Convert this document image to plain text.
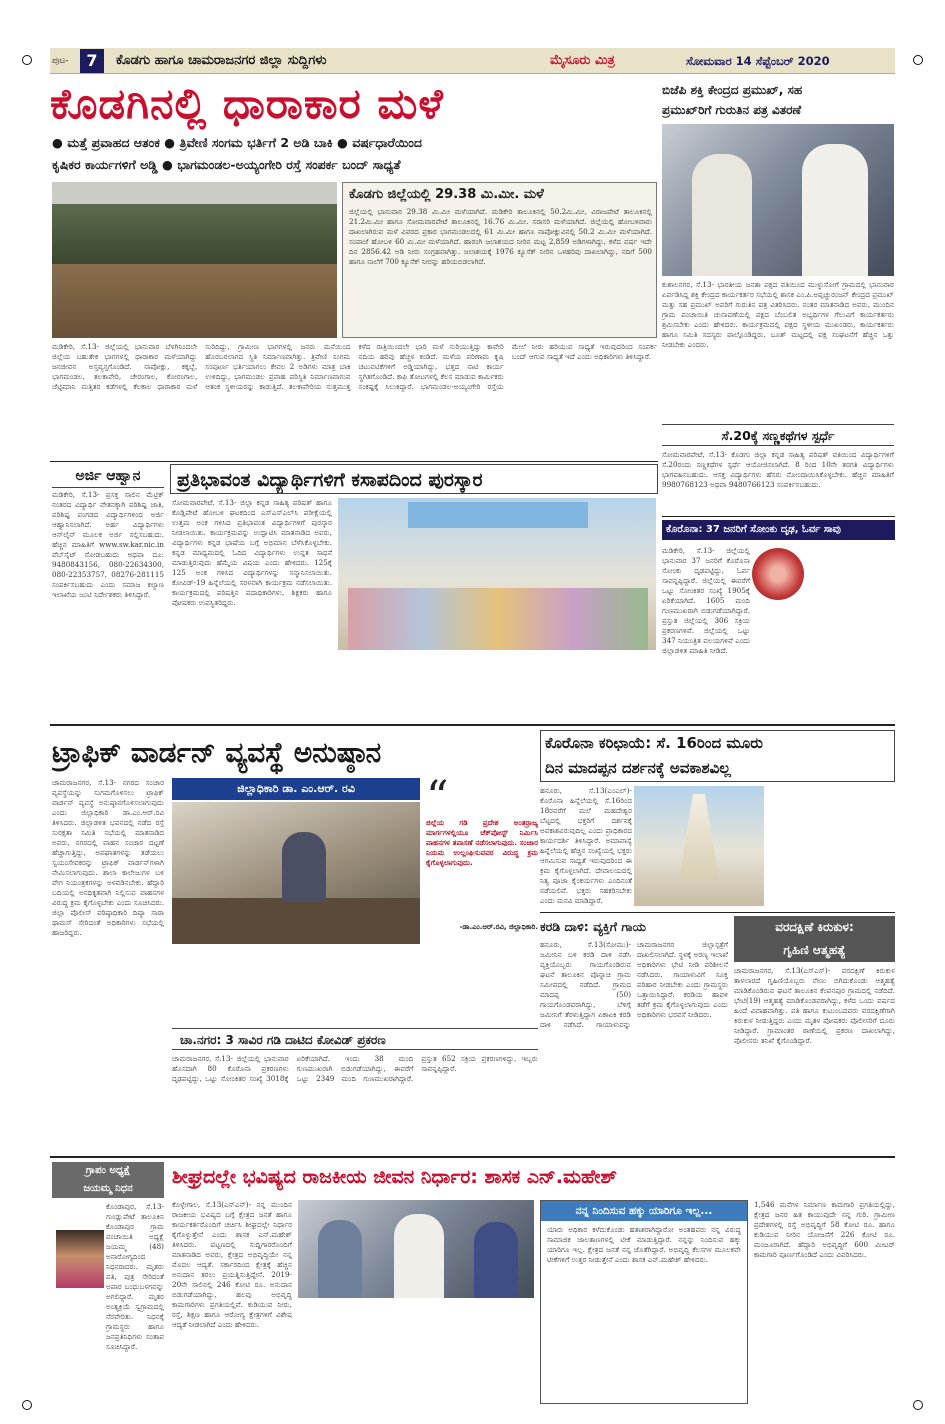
ಪುಟ-	7	ಕೊಡಗು ಹಾಗೂ ಚಾಮರಾಜನಗರ ಜಿಲ್ಲಾ ಸುದ್ದಿಗಳು	ಮೈಸೂರು ಮಿತ್ರ	ಸೋಮವಾರ 14 ಸೆಪ್ಟೆಂಬರ್ 2020
ಕೊಡಗಿನಲ್ಲಿ ಧಾರಾಕಾರ ಮಳೆ
● ಮತ್ತೆ ಪ್ರವಾಹದ ಆತಂಕ ● ತ್ರಿವೇಣಿ ಸಂಗಮ ಭರ್ತಿಗೆ 2 ಅಡಿ ಬಾಕಿ ● ವರ್ಷಧಾರೆಯಿಂದ
ಕೃಷಿಕರ ಕಾರ್ಯಗಳಿಗೆ ಅಡ್ಡಿ ● ಭಾಗಮಂಡಲ-ಅಯ್ಯಂಗೇರಿ ರಸ್ತೆ ಸಂಪರ್ಕ ಬಂದ್ ಸಾಧ್ಯತೆ
ಕೊಡಗು ಜಿಲ್ಲೆಯಲ್ಲಿ 29.38 ಮಿ.ಮೀ. ಮಳೆ
ಜಿಲ್ಲೆಯಲ್ಲಿ ಭಾನುವಾರ 29.38 ಮಿ.ಮೀ ಮಳೆಯಾಗಿದೆ. ಮಡಿಕೇರಿ ತಾಲೂಕಿನಲ್ಲಿ 50.2ಮಿ.ಮೀ, ವಿರಾಜಪೇಟೆ ತಾಲೂಕಿನಲ್ಲಿ 21.2ಮಿ.ಮೀ ಹಾಗೂ ಸೋಮವಾರಪೇಟೆ ತಾಲೂಕಿನಲ್ಲಿ 16.76 ಮಿ.ಮೀ. ಸರಾಸರಿ ಮಳೆಯಾಗಿದೆ. ಜಿಲ್ಲೆಯಲ್ಲಿ ಹೋಬಳಿವಾರು ದಾಖಲಾಗಿರುವ ಮಳೆ ವಿವರದ ಪ್ರಕಾರ ಭಾಗಮಂಡಲದಲ್ಲಿ 61 ಮಿ.ಮೀ ಹಾಗೂ ನಾಪೋಕ್ಲುವಿನಲ್ಲಿ 50.2 ಮಿ.ಮೀ ಮಳೆಯಾಗಿದೆ. ಸಂಪಾಜೆ ಹೋಬಳಿ 60 ಮಿ.ಮೀ ಮಳೆಯಾಗಿದೆ. ಹಾರಂಗಿ ಜಲಾಶಯದ ನೀರಿನ ಮಟ್ಟ 2,859 ಅಡಿಗಳಾಗಿದ್ದು, ಕಳೆದ ವರ್ಷ ಇದೇ ದಿನ 2856.42 ಅಡಿ ನೀರು ಸಂಗ್ರಹವಾಗಿತ್ತು. ಜಲಾಶಯಕ್ಕೆ 1976 ಕ್ಯೂಸೆಕ್ ನೀರಿನ ಒಳಹರಿವು ದಾಖಲಾಗಿದ್ದು, ನದಿಗೆ 500 ಹಾಗೂ ನಾಲೆಗೆ 700 ಕ್ಯೂಸೆಕ್ ನೀರನ್ನು ಹರಿಯಬಿಡಲಾಗಿದೆ.
ಮಡಿಕೇರಿ, ಸೆ.13- ಜಿಲ್ಲೆಯಲ್ಲಿ ಭಾನುವಾರ ಬೆಳಗಿನಿಂದಲೇ ಜಿಲ್ಲೆಯ ಬಹುತೇಕ ಭಾಗಗಳಲ್ಲಿ ಧಾರಾಕಾರ ಮಳೆಯಾಗಿದ್ದು ಜನಜೀವನ ಅಸ್ತವ್ಯಸ್ತಗೊಂಡಿದೆ. ನಾಪೋಕ್ಲು, ಕಕ್ಕಬ್ಬೆ, ಭಾಗಮಂಡಲ, ತಲಕಾವೇರಿ, ಚೇರಂಗಾಲ, ಕೋರಂಗಾಲ, ಚೆಟ್ಟಿಮಾನಿ ಮತ್ತಿತರ ಕಡೆಗಳಲ್ಲಿ ಕೆಲಕಾಲ ಧಾರಾಕಾರ ಮಳೆ ಸುರಿದಿದ್ದು, ಗ್ರಾಮೀಣ ಭಾಗಗಳಲ್ಲಿ ಜನರು ಮನೆಯಿಂದ ಹೊರಬರಲಾಗದ ಸ್ಥಿತಿ ನಿರ್ಮಾಣವಾಗಿತ್ತು. ತ್ರಿವೇಣಿ ಸಂಗಮ ಸಂಪೂರ್ಣ ಭರ್ತಿಯಾಗಲು ಕೇವಲ 2 ಅಡಿಗಳು ಮಾತ್ರ ಬಾಕಿ ಉಳಿದಿದ್ದು, ಭಾಗಮಂಡಲ ಪ್ರವಾಹ ಪರಿಸ್ಥಿತಿ ನಿರ್ಮಾಣವಾಗುವ ಆತಂಕ ಸ್ಥಳೀಯರನ್ನು ಕಾಡುತ್ತಿದೆ. ತಲಕಾವೇರಿಯ ಸುತ್ತಮುತ್ತ ಕಳೆದ ರಾತ್ರಿಯಿಂದಲೇ ಭಾರಿ ಮಳೆ ಸುರಿಯುತ್ತಿದ್ದು ಕಾವೇರಿ ನದಿಯ ಹರಿವು ಹೆಚ್ಚಳ ಕಂಡಿದೆ. ಮಳೆಯ ಪರಿಣಾಮ ಕೃಷಿ ಚಟುವಟಿಕೆಗಳಿಗೆ ಅಡ್ಡಿಯಾಗಿದ್ದು, ಭತ್ತದ ನಾಟಿ ಕಾರ್ಯ ಸ್ಥಗಿತಗೊಂಡಿದೆ. ಕಾಫಿ ತೋಟಗಳಲ್ಲಿ ಕೆಲಸ ಮಾಡುವ ಕಾರ್ಮಿಕರು ಸಂಕಷ್ಟಕ್ಕೆ ಸಿಲುಕಿದ್ದಾರೆ. ಭಾಗಮಂಡಲ-ಅಯ್ಯಂಗೇರಿ ರಸ್ತೆಯ ಮೇಲೆ ನೀರು ಹರಿಯುವ ಸಾಧ್ಯತೆ ಇರುವುದರಿಂದ ಸಂಪರ್ಕ ಬಂದ್ ಆಗುವ ಸಾಧ್ಯತೆ ಇದೆ ಎಂದು ಅಧಿಕಾರಿಗಳು ತಿಳಿಸಿದ್ದಾರೆ.
ಬಿಜೆಪಿ ಶಕ್ತಿ ಕೇಂದ್ರದ ಪ್ರಮುಖ್, ಸಹ
ಪ್ರಮುಖ್‌ರಿಗೆ ಗುರುತಿನ ಪತ್ರ ವಿತರಣೆ
ಕುಶಾಲನಗರ, ಸೆ.13- ಭಾರತೀಯ ಜನತಾ ಪಕ್ಷದ ವತಿಯಿಂದ ಮುಳ್ಳುಸೋಗೆ ಗ್ರಾಮದಲ್ಲಿ ಭಾನುವಾರ ಏರ್ಪಡಿಸಿದ್ದ ಶಕ್ತಿ ಕೇಂದ್ರದ ಕಾರ್ಯಕರ್ತರ ಸಭೆಯಲ್ಲಿ ಶಾಸಕ ಎಂ.ಪಿ.ಅಪ್ಪಚ್ಚುರಂಜನ್ ಕೇಂದ್ರದ ಪ್ರಮುಖ್ ಮತ್ತು ಸಹ ಪ್ರಮುಖ್ ಅವರಿಗೆ ಗುರುತಿನ ಪತ್ರ ವಿತರಿಸಿದರು. ನಂತರ ಮಾತನಾಡಿದ ಅವರು, ಮುಂದಿನ ಗ್ರಾಮ ಪಂಚಾಯಿತಿ ಚುನಾವಣೆಯಲ್ಲಿ ಪಕ್ಷದ ಬೆಂಬಲಿತ ಅಭ್ಯರ್ಥಿಗಳ ಗೆಲುವಿಗೆ ಕಾರ್ಯಕರ್ತರು ಶ್ರಮಿಸಬೇಕು ಎಂದು ಹೇಳಿದರು. ಕಾರ್ಯಕ್ರಮದಲ್ಲಿ ಪಕ್ಷದ ಸ್ಥಳೀಯ ಮುಖಂಡರು, ಕಾರ್ಯಕರ್ತರು ಹಾಗೂ ಸಮಿತಿ ಸದಸ್ಯರು ಪಾಲ್ಗೊಂಡಿದ್ದರು. ಬೂತ್ ಮಟ್ಟದಲ್ಲಿ ಪಕ್ಷ ಸಂಘಟನೆಗೆ ಹೆಚ್ಚಿನ ಒತ್ತು ನೀಡಬೇಕು ಎಂದರು.
ಸೆ.20ಕ್ಕೆ ಸಣ್ಣಕಥೆಗಳ ಸ್ಪರ್ಧೆ
ಸೋಮವಾರಪೇಟೆ, ಸೆ.13- ಕೊಡಗು ಜಿಲ್ಲಾ ಕನ್ನಡ ಸಾಹಿತ್ಯ ಪರಿಷತ್ ವತಿಯಿಂದ ವಿದ್ಯಾರ್ಥಿಗಳಿಗೆ ಸೆ.20ರಂದು ಸಣ್ಣಕಥೆಗಳ ಸ್ಪರ್ಧೆ ಆಯೋಜಿಸಲಾಗಿದೆ. 8 ರಿಂದ 10ನೇ ತರಗತಿ ವಿದ್ಯಾರ್ಥಿಗಳು ಭಾಗವಹಿಸಬಹುದು. ಆಸಕ್ತ ವಿದ್ಯಾರ್ಥಿಗಳು ಹೆಸರು ನೋಂದಾಯಿಸಿಕೊಳ್ಳಬೇಕು. ಹೆಚ್ಚಿನ ಮಾಹಿತಿಗೆ 9980768123 ಅಥವಾ 9480766123 ಸಂಪರ್ಕಿಸಬಹುದು.
ಅರ್ಜಿ ಆಹ್ವಾನ
ಮಡಿಕೇರಿ, ಸೆ.13- ಪ್ರಸಕ್ತ ಸಾಲಿನ ಮೆಟ್ರಿಕ್ ನಂತರದ ವಿದ್ಯಾರ್ಥಿ ವೇತನಕ್ಕಾಗಿ ಪರಿಶಿಷ್ಟ ಜಾತಿ, ಪರಿಶಿಷ್ಟ ಪಂಗಡದ ವಿದ್ಯಾರ್ಥಿಗಳಿಂದ ಅರ್ಜಿ ಆಹ್ವಾನಿಸಲಾಗಿದೆ. ಅರ್ಹ ವಿದ್ಯಾರ್ಥಿಗಳು ಆನ್‌ಲೈನ್ ಮೂಲಕ ಅರ್ಜಿ ಸಲ್ಲಿಸಬಹುದು. ಹೆಚ್ಚಿನ ಮಾಹಿತಿಗೆ www.sw.kar.nic.in ವೆಬ್‌ಸೈಟ್ ನೋಡಬಹುದು ಅಥವಾ ದೂ: 9480843156, 080-22634300, 080-22353757, 08276-281115 ಸಂಪರ್ಕಿಸಬಹುದು ಎಂದು ಸಮಾಜ ಕಲ್ಯಾಣ ಇಲಾಖೆಯ ಜಂಟಿ ನಿರ್ದೇಶಕರು ತಿಳಿಸಿದ್ದಾರೆ.
ಪ್ರತಿಭಾವಂತ ವಿದ್ಯಾರ್ಥಿಗಳಿಗೆ ಕಸಾಪದಿಂದ ಪುರಸ್ಕಾರ
ಸೋಮವಾರಪೇಟೆ, ಸೆ.13- ಜಿಲ್ಲಾ ಕನ್ನಡ ಸಾಹಿತ್ಯ ಪರಿಷತ್ ಹಾಗೂ ಕೊಡ್ಲಿಪೇಟೆ ಹೋಬಳಿ ಘಟಕದಿಂದ ಎಸ್‌ಎಸ್‌ಎಲ್‌ಸಿ ಪರೀಕ್ಷೆಯಲ್ಲಿ ಉತ್ತಮ ಅಂಕ ಗಳಿಸಿದ ಪ್ರತಿಭಾವಂತ ವಿದ್ಯಾರ್ಥಿಗಳಿಗೆ ಪುರಸ್ಕಾರ ನೀಡಲಾಯಿತು. ಕಾರ್ಯಕ್ರಮವನ್ನು ಉದ್ಘಾಟಿಸಿ ಮಾತನಾಡಿದ ಅವರು, ವಿದ್ಯಾರ್ಥಿಗಳು ಕನ್ನಡ ಭಾಷೆಯ ಬಗ್ಗೆ ಅಭಿಮಾನ ಬೆಳೆಸಿಕೊಳ್ಳಬೇಕು. ಕನ್ನಡ ಮಾಧ್ಯಮದಲ್ಲಿ ಓದಿದ ವಿದ್ಯಾರ್ಥಿಗಳು ಉನ್ನತ ಸಾಧನೆ ಮಾಡುತ್ತಿರುವುದು ಹೆಮ್ಮೆಯ ವಿಷಯ ಎಂದು ಹೇಳಿದರು. 125ಕ್ಕೆ 125 ಅಂಕ ಗಳಿಸಿದ ವಿದ್ಯಾರ್ಥಿಗಳನ್ನು ಸನ್ಮಾನಿಸಲಾಯಿತು. ಕೋವಿಡ್-19 ಹಿನ್ನೆಲೆಯಲ್ಲಿ ಸರಳವಾಗಿ ಕಾರ್ಯಕ್ರಮ ನಡೆಸಲಾಯಿತು. ಕಾರ್ಯಕ್ರಮದಲ್ಲಿ ಪರಿಷತ್ತಿನ ಪದಾಧಿಕಾರಿಗಳು, ಶಿಕ್ಷಕರು ಹಾಗೂ ಪೋಷಕರು ಉಪಸ್ಥಿತರಿದ್ದರು.
ಕೊರೊನಾ: 37 ಜನರಿಗೆ ಸೋಂಕು ದೃಢ, ಓರ್ವ ಸಾವು
ಮಡಿಕೇರಿ, ಸೆ.13- ಜಿಲ್ಲೆಯಲ್ಲಿ ಭಾನುವಾರ 37 ಜನರಿಗೆ ಕೊರೊನಾ ಸೋಂಕು ದೃಢಪಟ್ಟಿದ್ದು, ಓರ್ವ ಸಾವನ್ನಪ್ಪಿದ್ದಾರೆ. ಜಿಲ್ಲೆಯಲ್ಲಿ ಈವರೆಗೆ ಒಟ್ಟು ಸೋಂಕಿತರ ಸಂಖ್ಯೆ 1905ಕ್ಕೆ ಏರಿಕೆಯಾಗಿದೆ. 1605 ಮಂದಿ ಗುಣಮುಖರಾಗಿ ಬಿಡುಗಡೆಯಾಗಿದ್ದಾರೆ. ಪ್ರಸ್ತುತ ಜಿಲ್ಲೆಯಲ್ಲಿ 306 ಸಕ್ರಿಯ ಪ್ರಕರಣಗಳಿವೆ. ಜಿಲ್ಲೆಯಲ್ಲಿ ಒಟ್ಟು 347 ನಿಯಂತ್ರಿತ ವಲಯಗಳಿವೆ ಎಂದು ಜಿಲ್ಲಾಡಳಿತ ಮಾಹಿತಿ ನೀಡಿದೆ.
ಟ್ರಾಫಿಕ್ ವಾರ್ಡನ್ ವ್ಯವಸ್ಥೆ ಅನುಷ್ಠಾನ
ಚಾಮರಾಜನಗರ, ಸೆ.13- ನಗರದ ಸಂಚಾರ ವ್ಯವಸ್ಥೆಯನ್ನು ಸುಗಮಗೊಳಿಸಲು ಟ್ರಾಫಿಕ್ ವಾರ್ಡನ್ ವ್ಯವಸ್ಥೆ ಅನುಷ್ಠಾನಗೊಳಿಸಲಾಗುವುದು ಎಂದು ಜಿಲ್ಲಾಧಿಕಾರಿ ಡಾ.ಎಂ.ಆರ್.ರವಿ ತಿಳಿಸಿದರು. ಜಿಲ್ಲಾಡಳಿತ ಭವನದಲ್ಲಿ ನಡೆದ ರಸ್ತೆ ಸುರಕ್ಷತಾ ಸಮಿತಿ ಸಭೆಯಲ್ಲಿ ಮಾತನಾಡಿದ ಅವರು, ನಗರದಲ್ಲಿ ವಾಹನ ಸಂಚಾರ ದಟ್ಟಣೆ ಹೆಚ್ಚಾಗುತ್ತಿದ್ದು, ಅಪಘಾತಗಳನ್ನು ತಡೆಯಲು ಸ್ವಯಂಸೇವಕರನ್ನು ಟ್ರಾಫಿಕ್ ವಾರ್ಡನ್‌ಗಳಾಗಿ ನೇಮಿಸಲಾಗುವುದು. ಶಾಲಾ ಕಾಲೇಜುಗಳ ಬಳಿ ವೇಗ ನಿಯಂತ್ರಕಗಳನ್ನು ಅಳವಡಿಸಬೇಕು. ಹೆದ್ದಾರಿ ಬದಿಯಲ್ಲಿ ಅನಧಿಕೃತವಾಗಿ ನಿಲ್ಲಿಸುವ ವಾಹನಗಳ ವಿರುದ್ಧ ಕ್ರಮ ಕೈಗೊಳ್ಳಬೇಕು ಎಂದು ಸೂಚಿಸಿದರು. ಜಿಲ್ಲಾ ಪೊಲೀಸ್ ವರಿಷ್ಠಾಧಿಕಾರಿ ದಿವ್ಯಾ ಸಾರಾ ಥಾಮಸ್ ಸೇರಿದಂತೆ ಅಧಿಕಾರಿಗಳು ಸಭೆಯಲ್ಲಿ ಹಾಜರಿದ್ದರು.
ಜಿಲ್ಲಾಧಿಕಾರಿ ಡಾ. ಎಂ.ಆರ್. ರವಿ	“
ಜಿಲ್ಲೆಯ ಗಡಿ ಪ್ರದೇಶ ಅಂತರ್ರಾಜ್ಯ ಮಾರ್ಗಗಳಲ್ಲಿಯೂ ಚೆಕ್‌ಪೋಸ್ಟ್ ನಿರ್ಮಿಸಿ ವಾಹನಗಳ ತಪಾಸಣೆ ನಡೆಸಲಾಗುವುದು. ಸಂಚಾರ ನಿಯಮ ಉಲ್ಲಂಘಿಸುವವರ ವಿರುದ್ಧ ಕ್ರಮ ಕೈಗೊಳ್ಳಲಾಗುವುದು.
-ಡಾ.ಎಂ.ಆರ್.ರವಿ, ಜಿಲ್ಲಾಧಿಕಾರಿ.
ಚಾ.ನಗರ: 3 ಸಾವಿರ ಗಡಿ ದಾಟಿದ ಕೋವಿಡ್ ಪ್ರಕರಣ
ಚಾಮರಾಜನಗರ, ಸೆ.13- ಜಿಲ್ಲೆಯಲ್ಲಿ ಭಾನುವಾರ ಹೊಸದಾಗಿ 80 ಕೊರೊನಾ ಪ್ರಕರಣಗಳು ದೃಢಪಟ್ಟಿದ್ದು, ಒಟ್ಟು ಸೋಂಕಿತರ ಸಂಖ್ಯೆ 3018ಕ್ಕೆ ಏರಿಕೆಯಾಗಿದೆ. ಇಂದು 38 ಮಂದಿ ಗುಣಮುಖರಾಗಿ ಬಿಡುಗಡೆಯಾಗಿದ್ದು, ಈವರೆಗೆ ಒಟ್ಟು 2349 ಮಂದಿ ಗುಣಮುಖರಾಗಿದ್ದಾರೆ. ಪ್ರಸ್ತುತ 652 ಸಕ್ರಿಯ ಪ್ರಕರಣಗಳಿದ್ದು, ಇಬ್ಬರು ಸಾವನ್ನಪ್ಪಿದ್ದಾರೆ.
ಕೊರೊನಾ ಕರಿಛಾಯೆ: ಸೆ. 16ರಿಂದ ಮೂರು
ದಿನ ಮಾದಪ್ಪನ ದರ್ಶನಕ್ಕೆ ಅವಕಾಶವಿಲ್ಲ
ಹನೂರು, ಸೆ.13(ಎಂಎಲ್)- ಕೊರೊನಾ ಹಿನ್ನೆಲೆಯಲ್ಲಿ ಸೆ.16ರಿಂದ 18ರವರೆಗೆ ಮಲೆ ಮಹದೇಶ್ವರ ಬೆಟ್ಟದಲ್ಲಿ ಭಕ್ತರಿಗೆ ದರ್ಶನಕ್ಕೆ ಅವಕಾಶವಿರುವುದಿಲ್ಲ ಎಂದು ಪ್ರಾಧಿಕಾರದ ಕಾರ್ಯದರ್ಶಿ ತಿಳಿಸಿದ್ದಾರೆ. ಅಮಾವಾಸ್ಯೆ ಹಿನ್ನೆಲೆಯಲ್ಲಿ ಹೆಚ್ಚಿನ ಸಂಖ್ಯೆಯಲ್ಲಿ ಭಕ್ತರು ಆಗಮಿಸುವ ಸಾಧ್ಯತೆ ಇರುವುದರಿಂದ ಈ ಕ್ರಮ ಕೈಗೊಳ್ಳಲಾಗಿದೆ. ದೇವಾಲಯದಲ್ಲಿ ನಿತ್ಯ ಪೂಜಾ ಕೈಂಕರ್ಯಗಳು ಎಂದಿನಂತೆ ನಡೆಯಲಿವೆ. ಭಕ್ತರು ಸಹಕರಿಸಬೇಕು ಎಂದು ಮನವಿ ಮಾಡಿದ್ದಾರೆ.
ಕರಡಿ ದಾಳಿ: ವ್ಯಕ್ತಿಗೆ ಗಾಯ
ಹನೂರು, ಸೆ.13(ಸೋಮು)- ಜಮೀನಿನ ಬಳಿ ಕರಡಿ ದಾಳಿ ನಡೆಸಿ ವ್ಯಕ್ತಿಯೊಬ್ಬರು ಗಾಯಗೊಂಡಿರುವ ಘಟನೆ ತಾಲೂಕಿನ ಪೊನ್ನಾಚಿ ಗ್ರಾಮ ಸಮೀಪದಲ್ಲಿ ನಡೆದಿದೆ. ಗ್ರಾಮದ ಮಾದಪ್ಪ (50) ಗಾಯಗೊಂಡವರಾಗಿದ್ದು, ಬೆಳಿಗ್ಗೆ ಜಮೀನಿಗೆ ತೆರಳುತ್ತಿದ್ದಾಗ ಏಕಾಏಕಿ ಕರಡಿ ದಾಳಿ ನಡೆಸಿದೆ. ಗಾಯಾಳುವನ್ನು ಚಾಮರಾಜನಗರ ಜಿಲ್ಲಾಸ್ಪತ್ರೆಗೆ ದಾಖಲಿಸಲಾಗಿದೆ. ಸ್ಥಳಕ್ಕೆ ಅರಣ್ಯ ಇಲಾಖೆ ಅಧಿಕಾರಿಗಳು ಭೇಟಿ ನೀಡಿ ಪರಿಶೀಲನೆ ನಡೆಸಿದರು. ಗಾಯಾಳುವಿಗೆ ಸೂಕ್ತ ಪರಿಹಾರ ನೀಡಬೇಕು ಎಂದು ಗ್ರಾಮಸ್ಥರು ಒತ್ತಾಯಿಸಿದ್ದಾರೆ. ಕರಡಿಯ ಹಾವಳಿ ತಡೆಗೆ ಕ್ರಮ ಕೈಗೊಳ್ಳಲಾಗುವುದು ಎಂದು ಅಧಿಕಾರಿಗಳು ಭರವಸೆ ನೀಡಿದರು.
ವರದಕ್ಷಿಣೆ ಕಿರುಕುಳ:
ಗೃಹಿಣಿ ಆತ್ಮಹತ್ಯೆ
ಚಾಮರಾಜನಗರ, ಸೆ.13(ಎಸ್‌ಎಸ್)- ವರದಕ್ಷಿಣೆ ಕಿರುಕುಳ ತಾಳಲಾರದೆ ಗೃಹಿಣಿಯೊಬ್ಬರು ನೇಣು ಬಿಗಿದುಕೊಂಡು ಆತ್ಮಹತ್ಯೆ ಮಾಡಿಕೊಂಡಿರುವ ಘಟನೆ ತಾಲೂಕಿನ ಕೆಂಪನಪುರ ಗ್ರಾಮದಲ್ಲಿ ನಡೆದಿದೆ. ಭೇಟಿ(19) ಆತ್ಮಹತ್ಯೆ ಮಾಡಿಕೊಂಡವರಾಗಿದ್ದು, ಕಳೆದ ಒಂದು ವರ್ಷದ ಹಿಂದೆ ವಿವಾಹವಾಗಿತ್ತು. ಪತಿ ಹಾಗೂ ಕುಟುಂಬದವರು ವರದಕ್ಷಿಣೆಗಾಗಿ ಕಿರುಕುಳ ನೀಡುತ್ತಿದ್ದರು ಎಂದು ಮೃತಳ ಪೋಷಕರು ಪೊಲೀಸರಿಗೆ ದೂರು ನೀಡಿದ್ದಾರೆ. ಗ್ರಾಮಾಂತರ ಠಾಣೆಯಲ್ಲಿ ಪ್ರಕರಣ ದಾಖಲಾಗಿದ್ದು, ಪೊಲೀಸರು ತನಿಖೆ ಕೈಗೊಂಡಿದ್ದಾರೆ.
ಗ್ರಾಪಂ ಅಧ್ಯಕ್ಷೆ
ಜಯಮ್ಮ ನಿಧನ
ಕೊಂಡಾಪುರ, ಸೆ.13- ಗುಂಡ್ಲುಪೇಟೆ ತಾಲೂಕಿನ ಕೊಂಡಾಪುರ ಗ್ರಾಮ ಪಂಚಾಯಿತಿ ಅಧ್ಯಕ್ಷೆ ಜಯಮ್ಮ (48) ಅನಾರೋಗ್ಯದಿಂದ ನಿಧನರಾದರು. ಮೃತರು ಪತಿ, ಪುತ್ರ ಸೇರಿದಂತೆ ಅಪಾರ ಬಂಧುಬಳಗವನ್ನು ಅಗಲಿದ್ದಾರೆ. ಮೃತರ ಅಂತ್ಯಕ್ರಿಯೆ ಸ್ವಗ್ರಾಮದಲ್ಲಿ ನೆರವೇರಿತು. ನಿಧನಕ್ಕೆ ಗ್ರಾಮಸ್ಥರು ಹಾಗೂ ಜನಪ್ರತಿನಿಧಿಗಳು ಸಂತಾಪ ಸೂಚಿಸಿದ್ದಾರೆ.
ಶೀಘ್ರದಲ್ಲೇ ಭವಿಷ್ಯದ ರಾಜಕೀಯ ಜೀವನ ನಿರ್ಧಾರ: ಶಾಸಕ ಎನ್.ಮಹೇಶ್
ಕೊಳ್ಳೇಗಾಲ, ಸೆ.13(ಎಸ್‌ಎನ್)- ನನ್ನ ಮುಂದಿನ ರಾಜಕೀಯ ಭವಿಷ್ಯದ ಬಗ್ಗೆ ಕ್ಷೇತ್ರದ ಜನತೆ ಹಾಗೂ ಕಾರ್ಯಕರ್ತರೊಂದಿಗೆ ಚರ್ಚಿಸಿ ಶೀಘ್ರದಲ್ಲೇ ನಿರ್ಧಾರ ಕೈಗೊಳ್ಳುತ್ತೇನೆ ಎಂದು ಶಾಸಕ ಎನ್.ಮಹೇಶ್ ತಿಳಿಸಿದರು. ಪಟ್ಟಣದಲ್ಲಿ ಸುದ್ದಿಗಾರರೊಂದಿಗೆ ಮಾತನಾಡಿದ ಅವರು, ಕ್ಷೇತ್ರದ ಅಭಿವೃದ್ಧಿಯೇ ನನ್ನ ಮೊದಲ ಆದ್ಯತೆ. ಸರ್ಕಾರದಿಂದ ಕ್ಷೇತ್ರಕ್ಕೆ ಹೆಚ್ಚಿನ ಅನುದಾನ ತರಲು ಪ್ರಯತ್ನಿಸುತ್ತಿದ್ದೇನೆ. 2019-20ನೇ ಸಾಲಿನಲ್ಲಿ 246 ಕೋಟಿ ರೂ. ಅನುದಾನ ಬಿಡುಗಡೆಯಾಗಿದ್ದು, ಹಲವು ಅಭಿವೃದ್ಧಿ ಕಾಮಗಾರಿಗಳು ಪ್ರಗತಿಯಲ್ಲಿವೆ. ಕುಡಿಯುವ ನೀರು, ರಸ್ತೆ, ಶಿಕ್ಷಣ ಹಾಗೂ ಆರೋಗ್ಯ ಕ್ಷೇತ್ರಗಳಿಗೆ ವಿಶೇಷ ಆದ್ಯತೆ ನೀಡಲಾಗಿದೆ ಎಂದು ಹೇಳಿದರು.
ನನ್ನ ನಿಂದಿಸುವ ಹಕ್ಕು ಯಾರಿಗೂ ಇಲ್ಲ...
ಯಾರು ಅಧಿಕಾರ ಕಳೆದುಕೊಂಡು ಹತಾಶರಾಗಿದ್ದಾರೋ ಅಂತಹವರು ನನ್ನ ವಿರುದ್ಧ ಸಾಮಾಜಿಕ ಜಾಲತಾಣಗಳಲ್ಲಿ ಟೀಕೆ ಮಾಡುತ್ತಿದ್ದಾರೆ. ನನ್ನನ್ನು ನಿಂದಿಸುವ ಹಕ್ಕು ಯಾರಿಗೂ ಇಲ್ಲ. ಕ್ಷೇತ್ರದ ಜನತೆ ನನ್ನ ಜೊತೆಗಿದ್ದಾರೆ. ಅಭಿವೃದ್ಧಿ ಕೆಲಸಗಳ ಮೂಲಕವೇ ಟೀಕೆಗಳಿಗೆ ಉತ್ತರ ನೀಡುತ್ತೇನೆ ಎಂದು ಶಾಸಕ ಎನ್.ಮಹೇಶ್ ಹೇಳಿದರು.
1,546 ಮನೆಗಳ ನಿರ್ಮಾಣ ಕಾಮಗಾರಿ ಪ್ರಗತಿಯಲ್ಲಿದ್ದು, ಕ್ಷೇತ್ರದ ಜನರ ಹಿತ ಕಾಯುವುದೇ ನನ್ನ ಗುರಿ. ಗ್ರಾಮೀಣ ಪ್ರದೇಶಗಳಲ್ಲಿ ರಸ್ತೆ ಅಭಿವೃದ್ಧಿಗೆ 58 ಕೋಟಿ ರೂ. ಹಾಗೂ ಕುಡಿಯುವ ನೀರಿನ ಯೋಜನೆಗೆ 226 ಕೋಟಿ ರೂ. ಮಂಜೂರಾಗಿದೆ. ಹೆದ್ದಾರಿ ಅಭಿವೃದ್ಧಿಗೆ 600 ಮೀಟರ್ ಕಾಮಗಾರಿ ಪೂರ್ಣಗೊಂಡಿದೆ ಎಂದು ವಿವರಿಸಿದರು.
